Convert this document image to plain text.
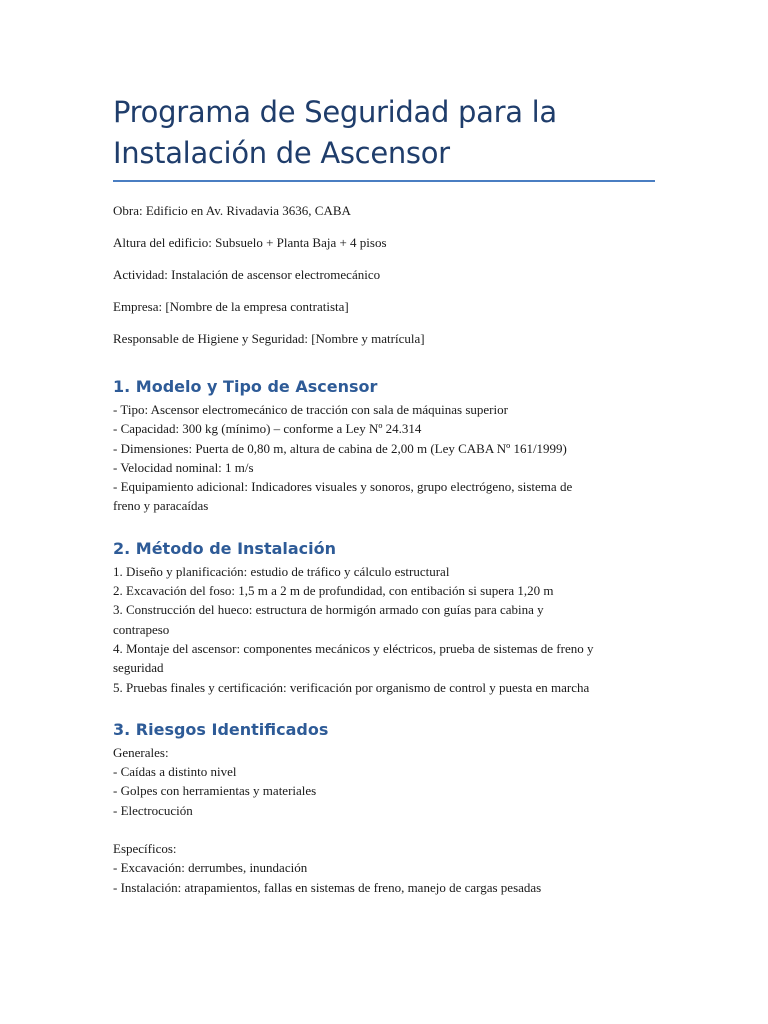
Programa de Seguridad para la
Instalación de Ascensor

Obra: Edificio en Av. Rivadavia 3636, CABA

Altura del edificio: Subsuelo + Planta Baja + 4 pisos

Actividad: Instalación de ascensor electromecánico

Empresa: [Nombre de la empresa contratista]

Responsable de Higiene y Seguridad: [Nombre y matrícula]

1. Modelo y Tipo de Ascensor

- Tipo: Ascensor electromecánico de tracción con sala de máquinas superior

- Capacidad: 300 kg (mínimo) – conforme a Ley Nº 24.314

- Dimensiones: Puerta de 0,80 m, altura de cabina de 2,00 m (Ley CABA Nº 161/1999)

- Velocidad nominal: 1 m/s

- Equipamiento adicional: Indicadores visuales y sonoros, grupo electrógeno, sistema de

freno y paracaídas

2. Método de Instalación

1. Diseño y planificación: estudio de tráfico y cálculo estructural

2. Excavación del foso: 1,5 m a 2 m de profundidad, con entibación si supera 1,20 m

3. Construcción del hueco: estructura de hormigón armado con guías para cabina y

contrapeso

4. Montaje del ascensor: componentes mecánicos y eléctricos, prueba de sistemas de freno y

seguridad

5. Pruebas finales y certificación: verificación por organismo de control y puesta en marcha

3. Riesgos Identificados

Generales:

- Caídas a distinto nivel

- Golpes con herramientas y materiales

- Electrocución

Específicos:

- Excavación: derrumbes, inundación

- Instalación: atrapamientos, fallas en sistemas de freno, manejo de cargas pesadas
